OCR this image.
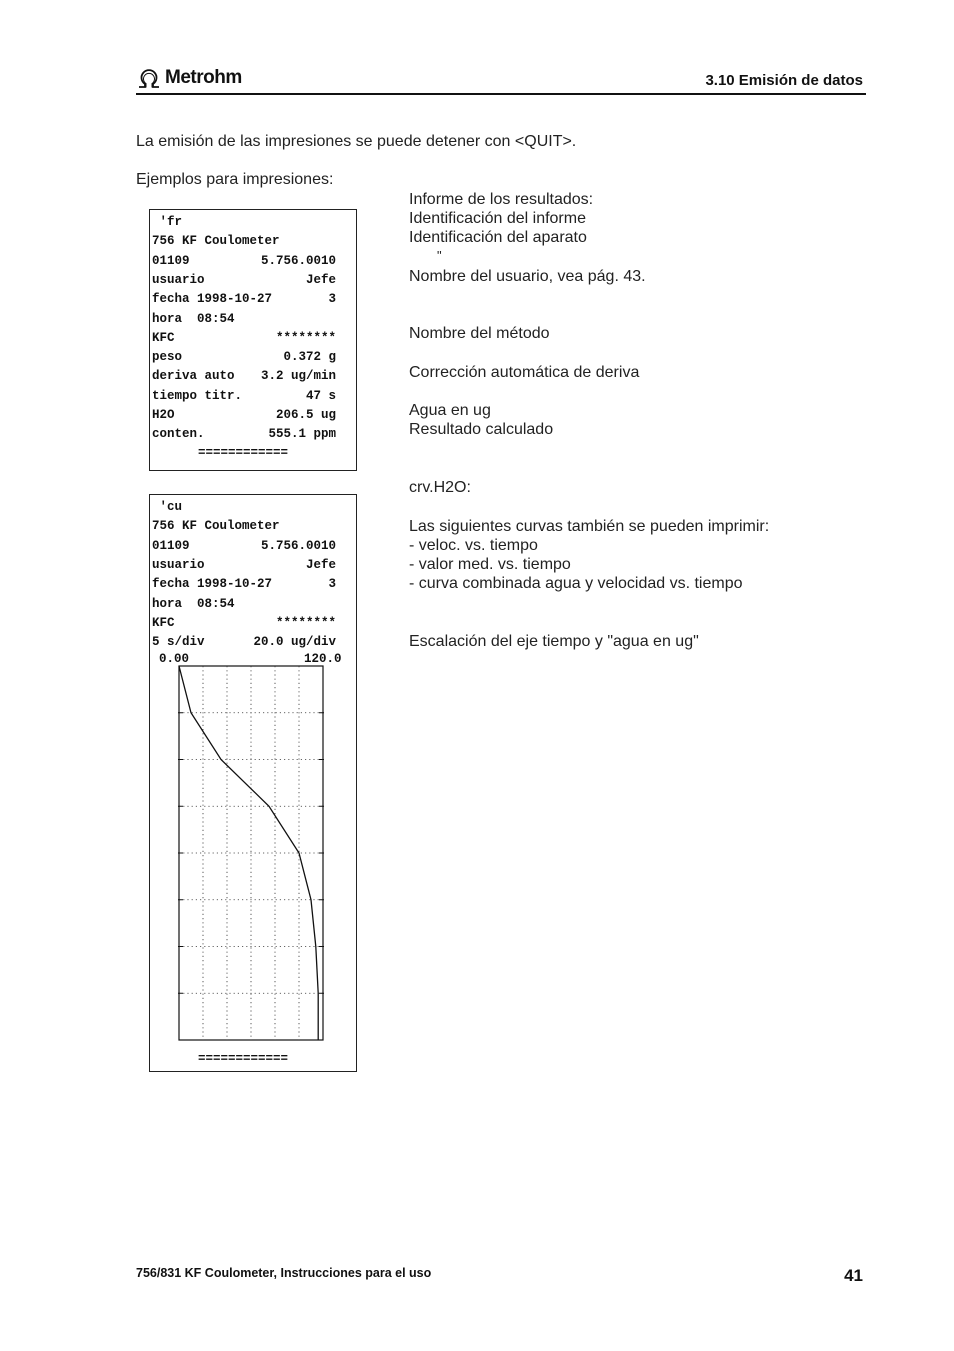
Metrohm	3.10 Emisión de datos
La emisión de las impresiones se puede detener con <QUIT>.
Ejemplos para impresiones:
'fr
756 KF Coulometer
01109	5.756.0010
usuario	Jefe
fecha 1998-10-27	3
hora  08:54
KFC	********
peso	0.372 g
deriva auto 3.2 ug/min
tiempo titr.	47 s
H2O	206.5 ug
conten.	555.1 ppm
============
'cu
756 KF Coulometer
01109	5.756.0010
usuario	Jefe
fecha 1998-10-27	3
hora  08:54
KFC	********
5 s/div	20.0 ug/div
0.00	120.0
============
Informe de los resultados:
Identificación del informe
Identificación del aparato
"
Nombre del usuario, vea pág. 43.
Nombre del método
Corrección automática de deriva
Agua en ug
Resultado calculado
crv.H2O:
Las siguientes curvas también se pueden imprimir:
- veloc. vs. tiempo
- valor med. vs. tiempo
- curva combinada agua y velocidad vs. tiempo
Escalación del eje tiempo y "agua en ug"
756/831 KF Coulometer, Instrucciones para el uso	41
